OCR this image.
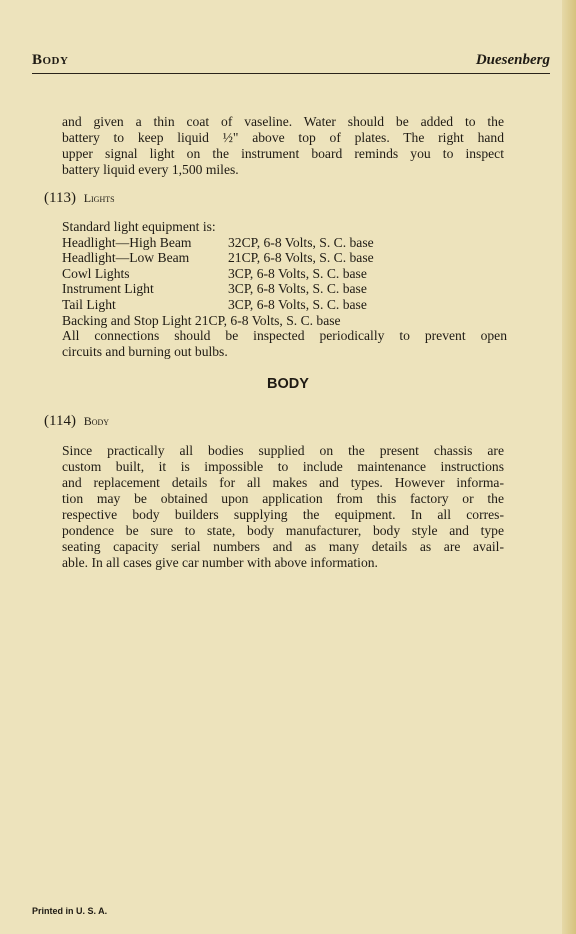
Body	Duesenberg
and given a thin coat of vaseline. Water should be added to the
battery to keep liquid ½" above top of plates. The right hand
upper signal light on the instrument board reminds you to inspect
battery liquid every 1,500 miles.
(113) Lights
Standard light equipment is:
Headlight—High Beam	32CP, 6-8 Volts, S. C. base
Headlight—Low Beam	21CP, 6-8 Volts, S. C. base
Cowl Lights	3CP, 6-8 Volts, S. C. base
Instrument Light	3CP, 6-8 Volts, S. C. base
Tail Light	3CP, 6-8 Volts, S. C. base
Backing and Stop Light 21CP, 6-8 Volts, S. C. base
All connections should be inspected periodically to prevent open
circuits and burning out bulbs.
BODY
(114) Body
Since practically all bodies supplied on the present chassis are
custom built, it is impossible to include maintenance instructions
and replacement details for all makes and types. However informa-
tion may be obtained upon application from this factory or the
respective body builders supplying the equipment. In all corres-
pondence be sure to state, body manufacturer, body style and type
seating capacity serial numbers and as many details as are avail-
able. In all cases give car number with above information.
Printed in U. S. A.
